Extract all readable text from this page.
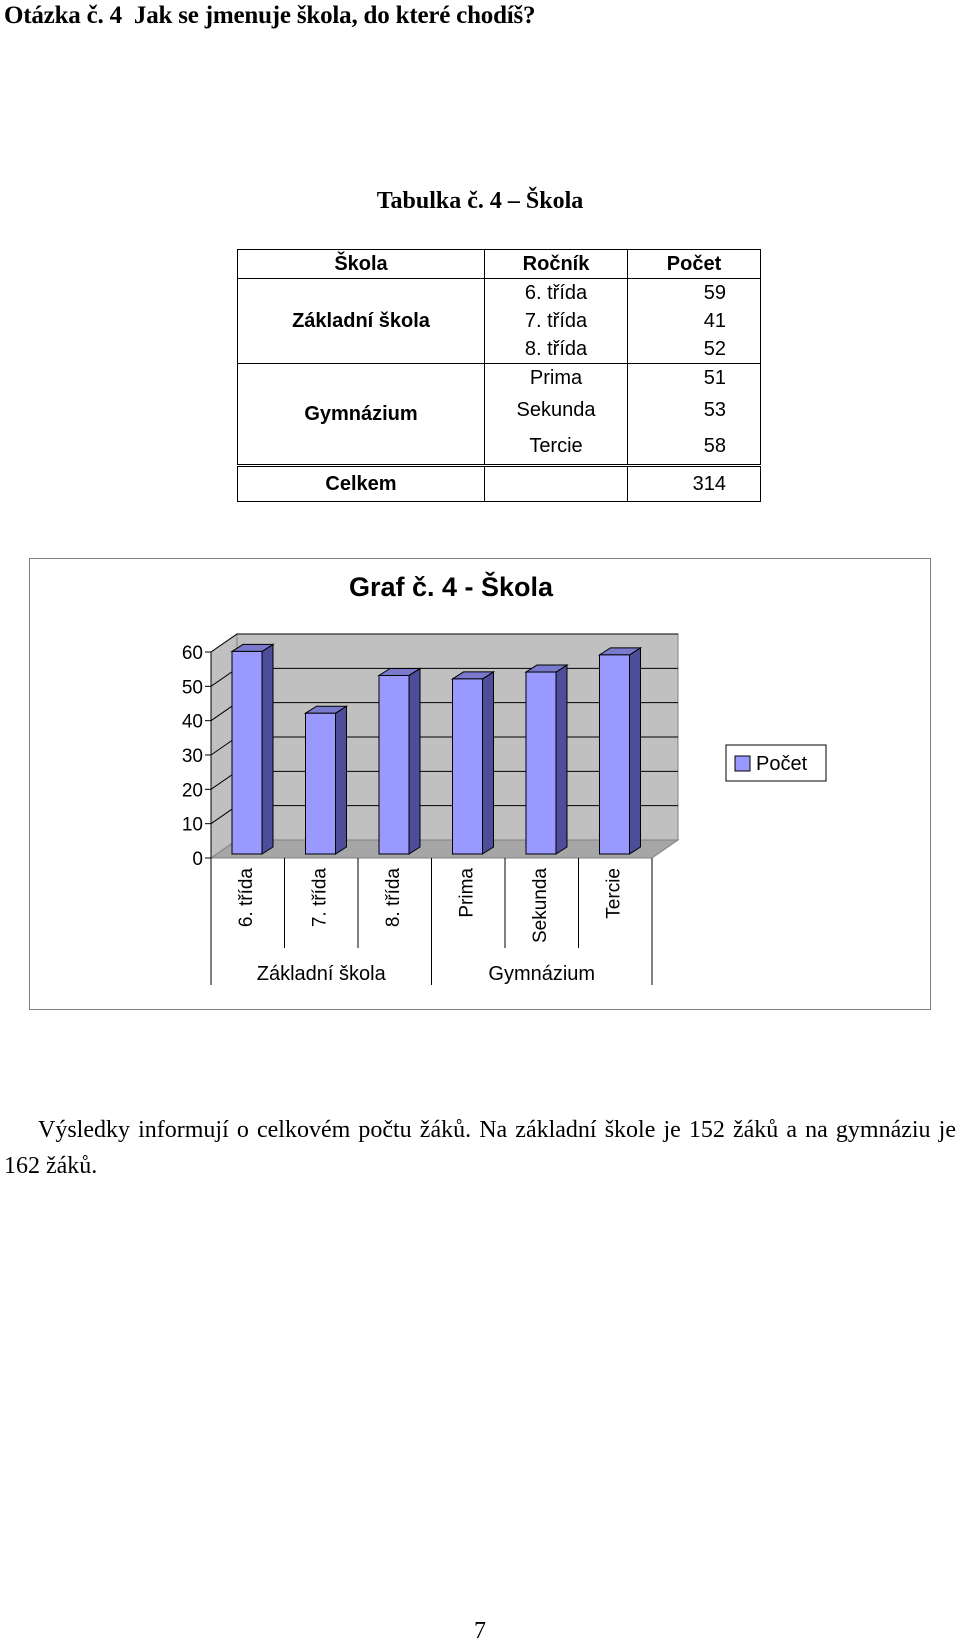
Otázka č. 4 Jak se jmenuje škola, do které chodíš?
Tabulka č. 4 – Škola
Škola	Ročník	Počet
Základní škola	6. třída	59
	7. třída	41
	8. třída	52
Gymnázium	Prima	51
	Sekunda	53
	Tercie	58
Celkem		314
Graf č. 4 - Škola
0
10
20
30
40
50
60
6. třída	7. třída	8. třída	Prima	Sekunda	Tercie
Základní škola	Gymnázium
Počet
Výsledky informují o celkovém počtu žáků. Na základní škole je 152 žáků a na gymnáziu je 162 žáků.
7
